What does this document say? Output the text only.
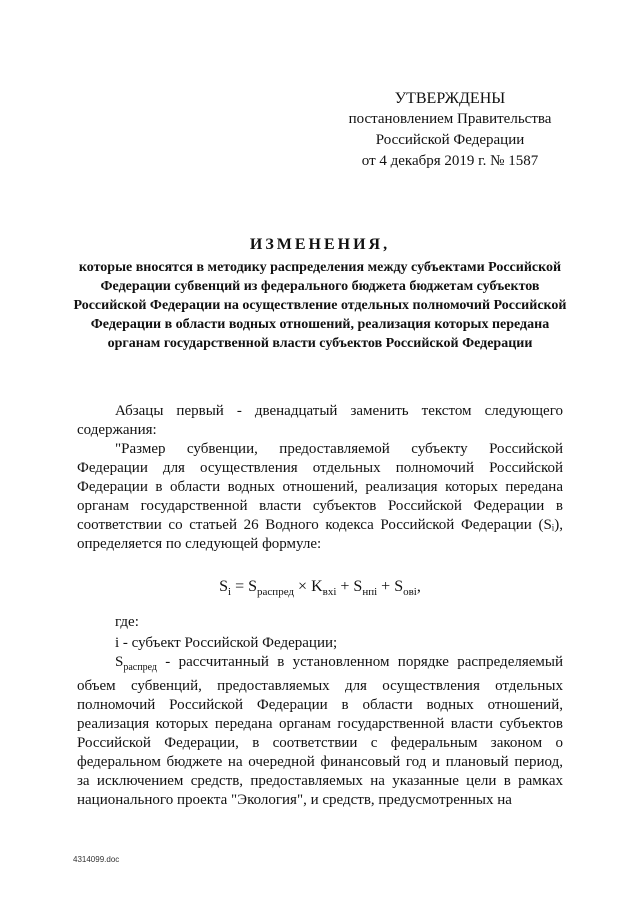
УТВЕРЖДЕНЫ
постановлением Правительства
Российской Федерации
от 4 декабря 2019 г. № 1587
ИЗМЕНЕНИЯ,
которые вносятся в методику распределения между субъектами Российской Федерации субвенций из федерального бюджета бюджетам субъектов Российской Федерации на осуществление отдельных полномочий Российской Федерации в области водных отношений, реализация которых передана органам государственной власти субъектов Российской Федерации
Абзацы первый - двенадцатый заменить текстом следующего содержания:
"Размер субвенции, предоставляемой субъекту Российской Федерации для осуществления отдельных полномочий Российской Федерации в области водных отношений, реализация которых передана органам государственной власти субъектов Российской Федерации в соответствии со статьей 26 Водного кодекса Российской Федерации (Sᵢ), определяется по следующей формуле:
$S_i = S_{распред} \times K_{вхi} + S_{нпi} + S_{овi}$,
где:
i - субъект Российской Федерации;
$S_{распред}$ - рассчитанный в установленном порядке распределяемый объем субвенций, предоставляемых для осуществления отдельных полномочий Российской Федерации в области водных отношений, реализация которых передана органам государственной власти субъектов Российской Федерации, в соответствии с федеральным законом о федеральном бюджете на очередной финансовый год и плановый период, за исключением средств, предоставляемых на указанные цели в рамках национального проекта "Экология", и средств, предусмотренных на
4314099.doc
